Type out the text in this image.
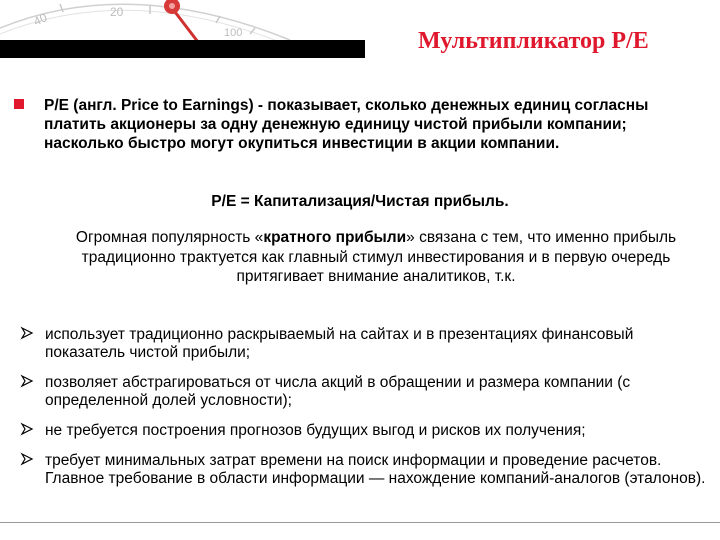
40	20
100	Мультипликатор P/E
P/E (англ. Price to Earnings) - показывает, сколько денежных единиц согласны платить акционеры за одну денежную единицу чистой прибыли компании; насколько быстро могут окупиться инвестиции в акции компании.
P/E = Капитализация/Чистая прибыль.
Огромная популярность «кратного прибыли» связана с тем, что именно прибыль традиционно трактуется как главный стимул инвестирования и в первую очередь притягивает внимание аналитиков, т.к.
использует традиционно раскрываемый на сайтах и в презентациях финансовый показатель чистой прибыли;
позволяет абстрагироваться от числа акций в обращении и размера компании (с определенной долей условности);
не требуется построения прогнозов будущих выгод и рисков их получения;
требует минимальных затрат времени на поиск информации и проведение расчетов. Главное требование в области информации — нахождение компаний-аналогов (эталонов).
